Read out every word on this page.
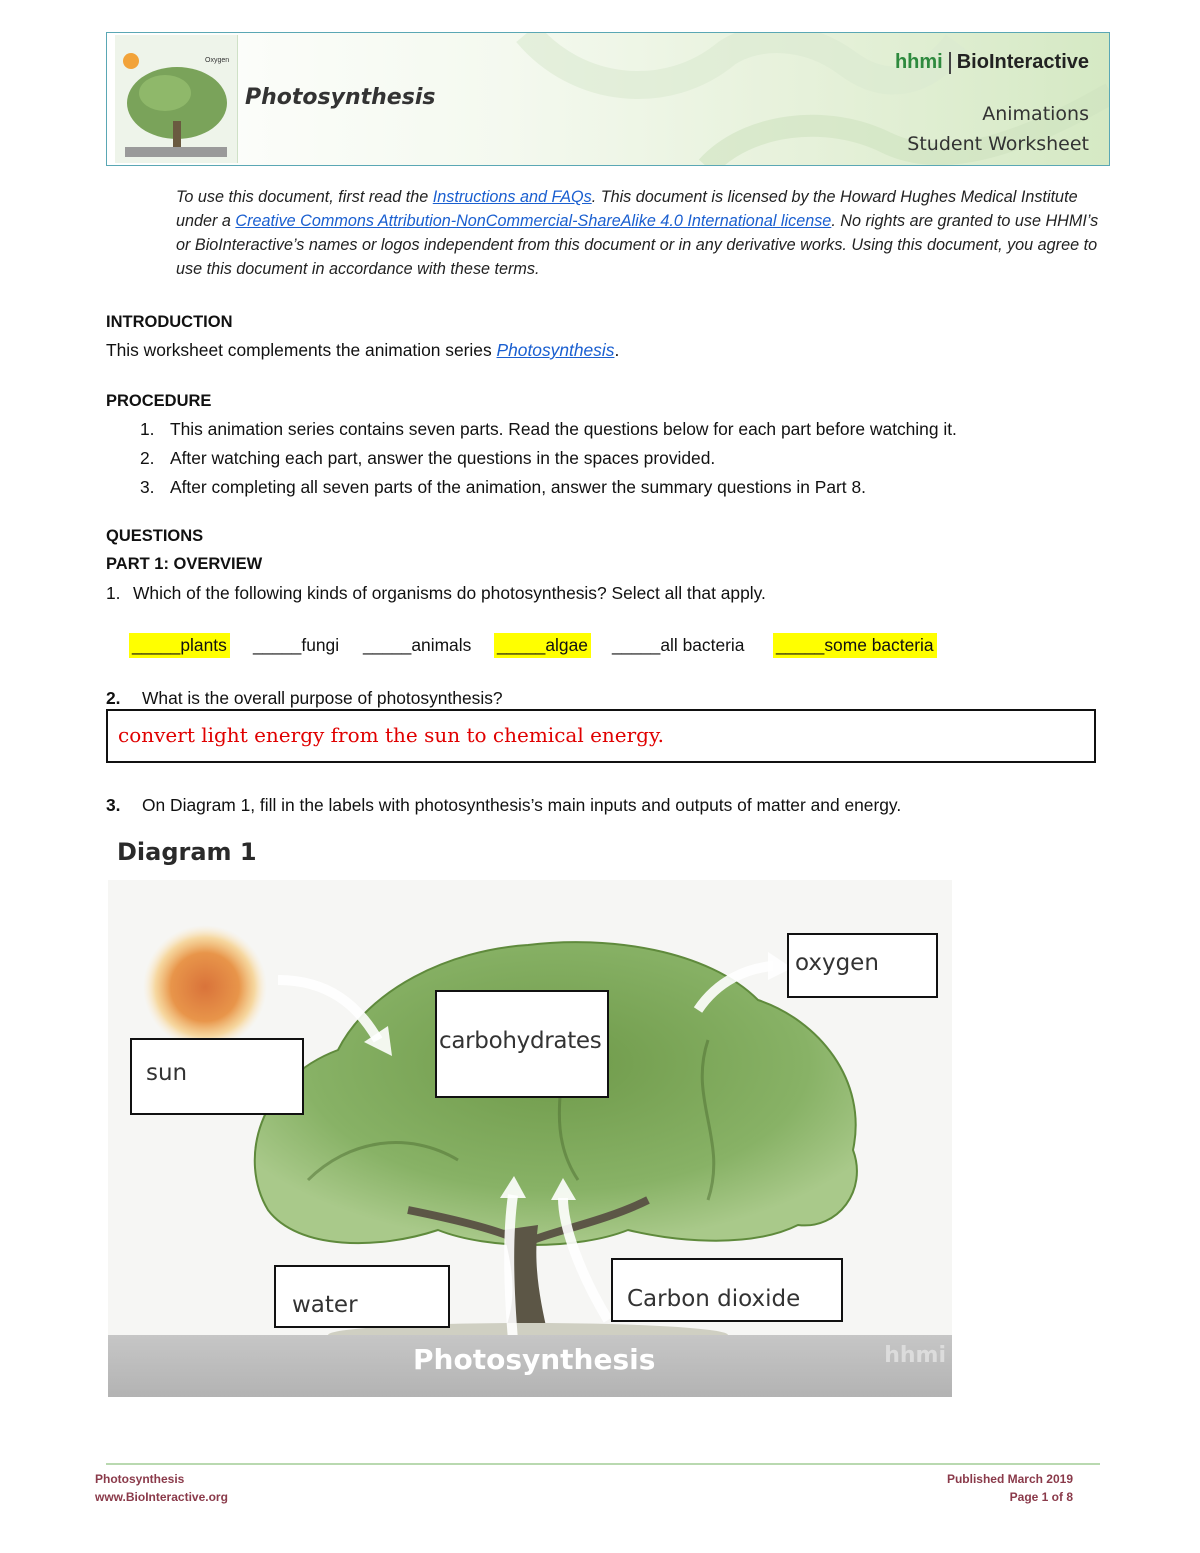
Oxygen
Photosynthesis
hhmi BioInteractive
Animations
Student Worksheet
To use this document, first read the Instructions and FAQs. This document is licensed by the Howard Hughes Medical Institute under a Creative Commons Attribution-NonCommercial-ShareAlike 4.0 International license. No rights are granted to use HHMI’s or BioInteractive’s names or logos independent from this document or in any derivative works. Using this document, you agree to use this document in accordance with these terms.
INTRODUCTION
This worksheet complements the animation series Photosynthesis.
PROCEDURE
1. This animation series contains seven parts. Read the questions below for each part before watching it.
2. After watching each part, answer the questions in the spaces provided.
3. After completing all seven parts of the animation, answer the summary questions in Part 8.
QUESTIONS
PART 1: OVERVIEW
1. Which of the following kinds of organisms do photosynthesis? Select all that apply.
_____plants _____fungi _____animals _____algae _____all bacteria _____some bacteria
2. What is the overall purpose of photosynthesis?
convert light energy from the sun to chemical energy.
3. On Diagram 1, fill in the labels with photosynthesis’s main inputs and outputs of matter and energy.
Diagram 1
sun
carbohydrates
oxygen
water	Carbon dioxide
Photosynthesis	hhmi
Photosynthesis
www.BioInteractive.org
Published March 2019
Page 1 of 8
